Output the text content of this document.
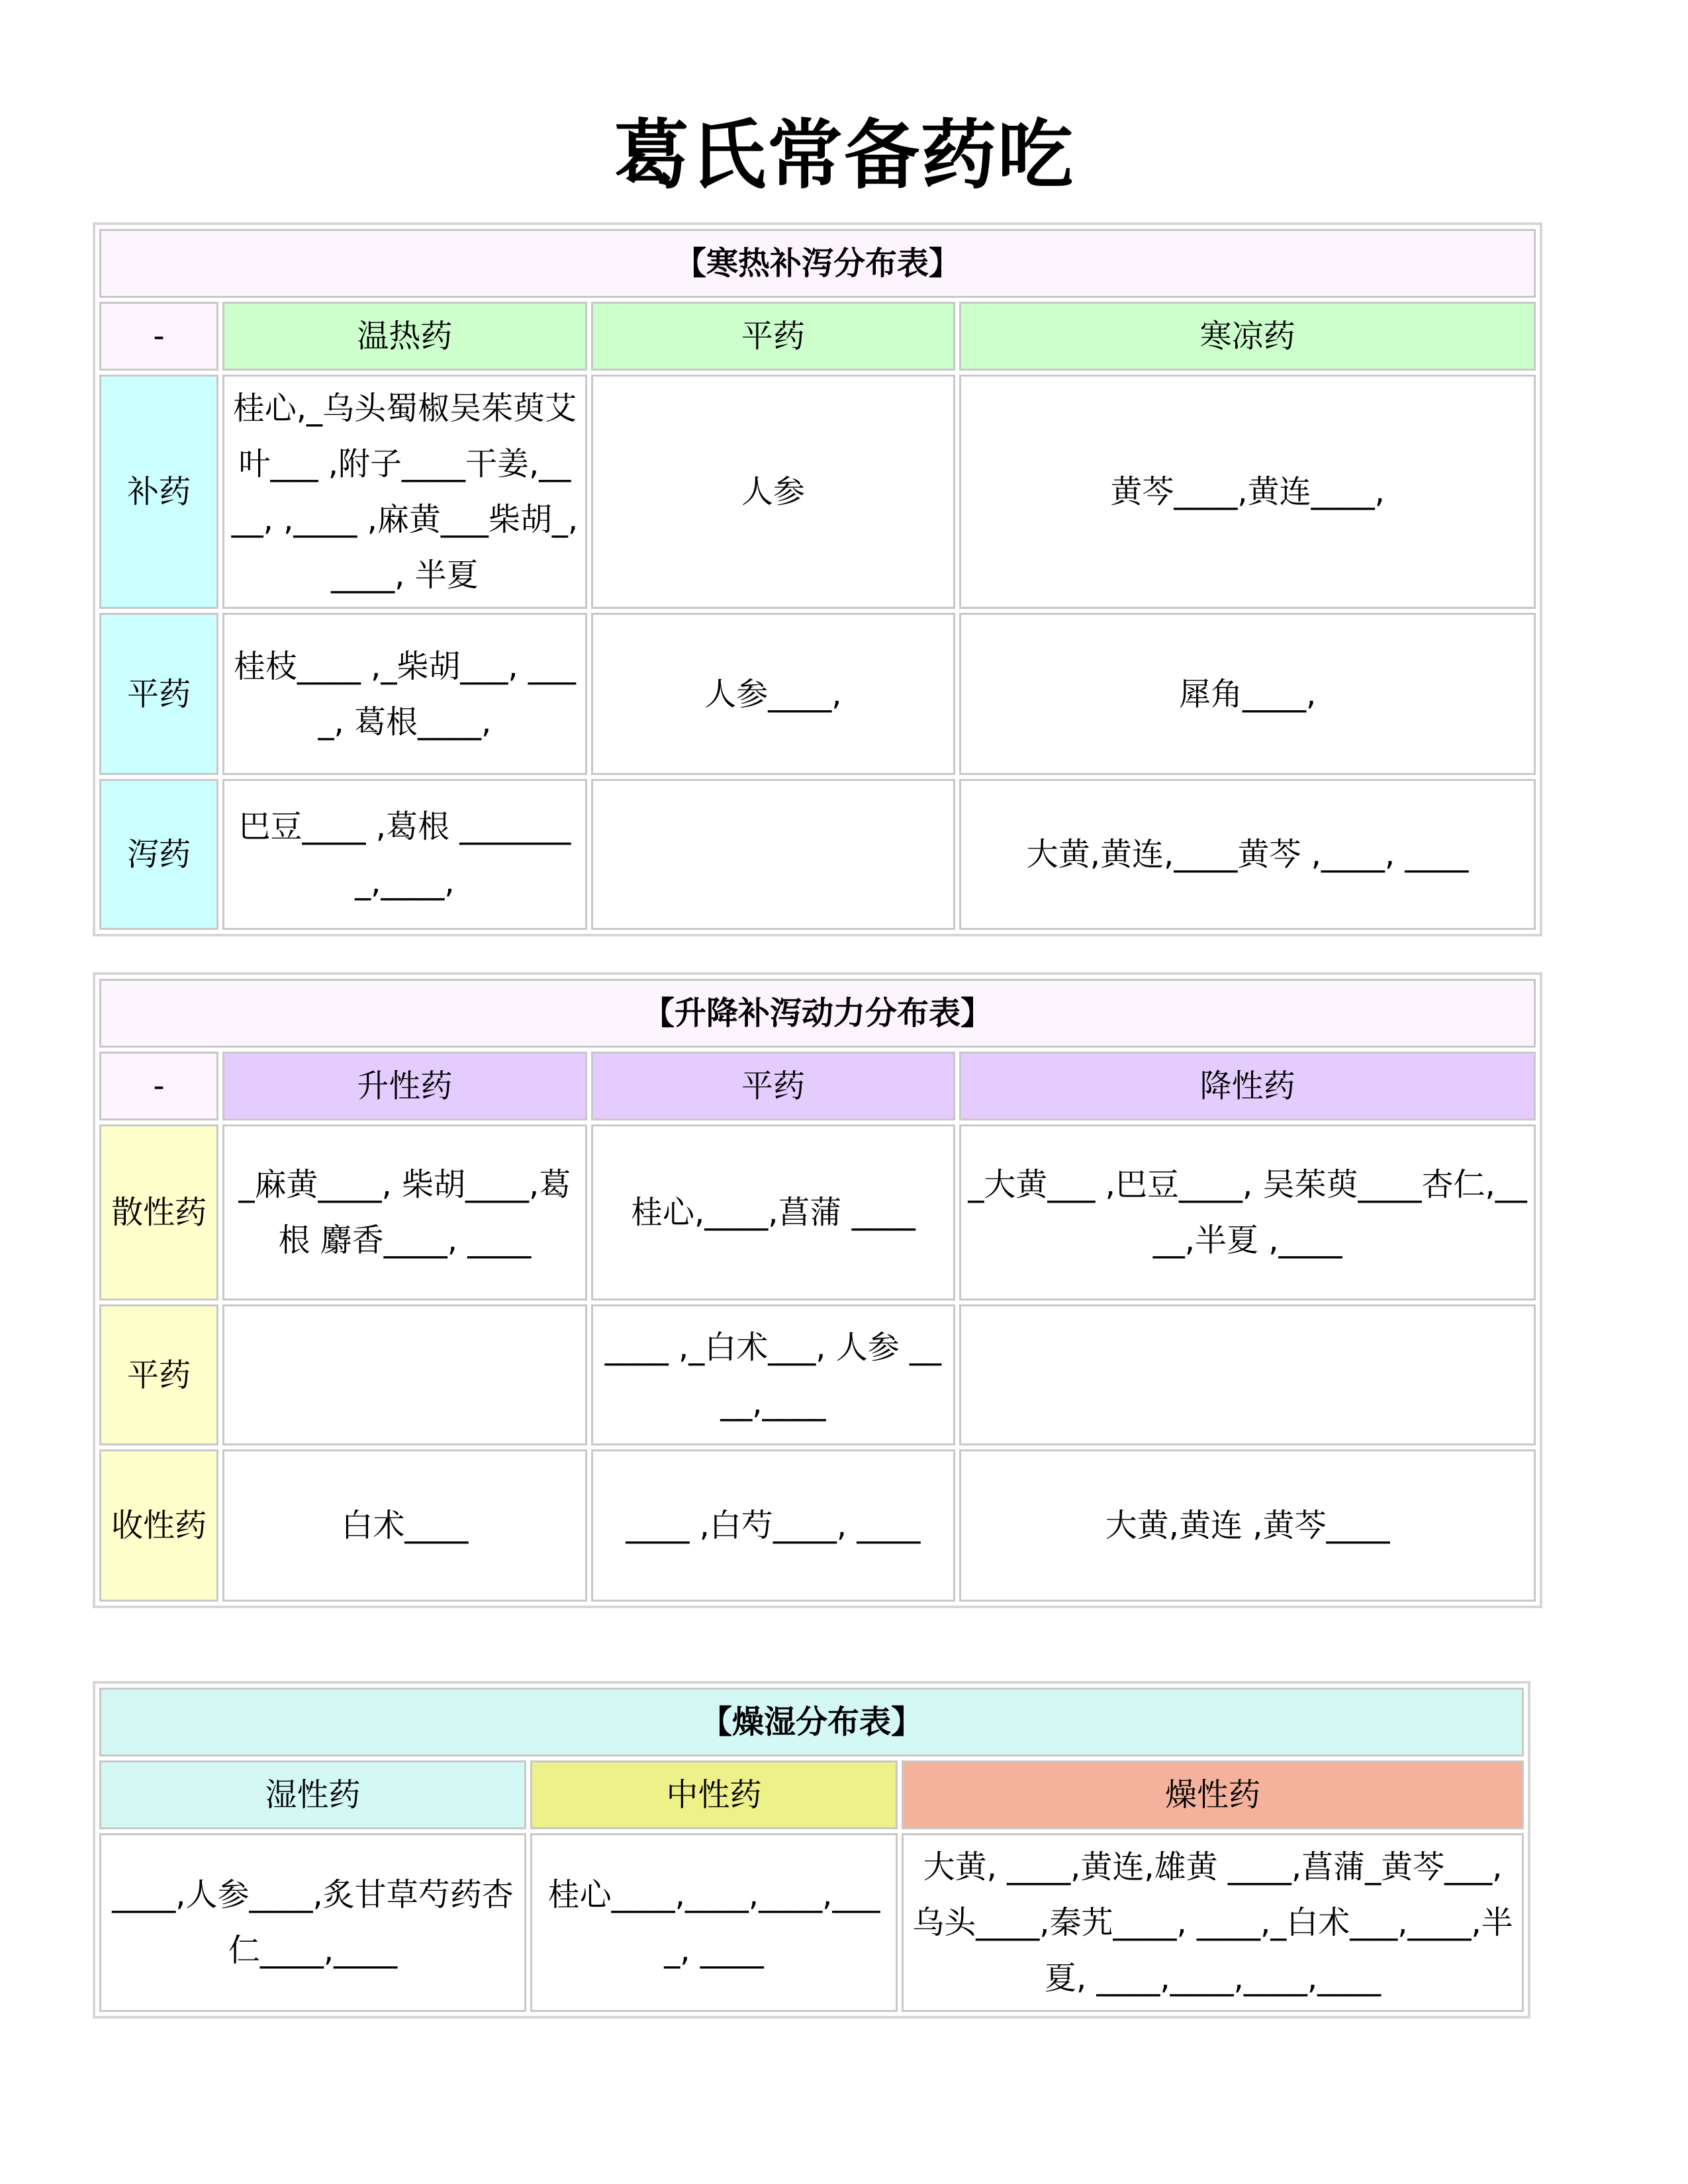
葛氏常备药吃
【寒热补泻分布表】			
-	温热药	平药	寒凉药
补药	桂心,_乌头蜀椒吴茱萸艾叶___ ,附子____干姜,____, ,____ ,麻黄___柴胡_,____, 半夏	人参	黄芩____,黄连____,
平药	桂枝____ ,_柴胡___, ____, 葛根____,	人参____,	犀角____,
泻药	巴豆____ ,葛根 ________,____,		大黄,黄连,____黄芩 ,____, ____
【升降补泻动力分布表】			
-	升性药	平药	降性药
散性药	_麻黄____, 柴胡____,葛根 麝香____, ____	桂心,____,菖蒲 ____	_大黄___ ,巴豆____, 吴茱萸____杏仁,____,半夏 ,____
平药		____ ,_白术___, 人参 ____,____	
收性药	白术____	____ ,白芍____, ____	大黄,黄连 ,黄芩____
【燥湿分布表】		
湿性药	中性药	燥性药
____,人参____,炙甘草芍药杏仁____,____	桂心____,____,____,____, ____	大黄, ____,黄连,雄黄 ____,菖蒲_黄芩___,乌头____,秦艽____, ____,_白术___,____,半夏, ____,____,____,____
